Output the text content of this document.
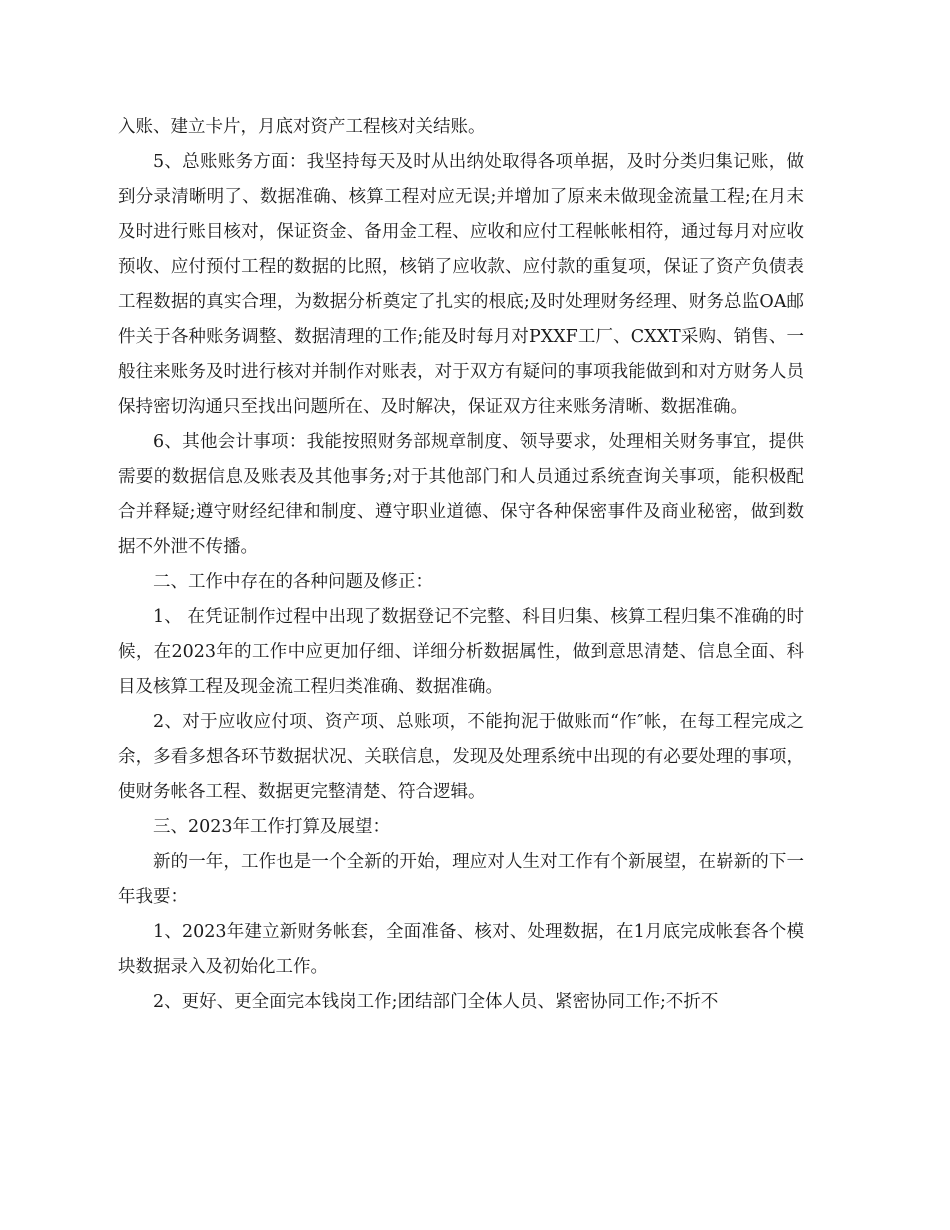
入账、建立卡片，月底对资产工程核对关结账。

5、总账账务方面：我坚持每天及时从出纳处取得各项单据，及时分类归集记账，做到分录清晰明了、数据准确、核算工程对应无误;并增加了原来未做现金流量工程;在月末及时进行账目核对，保证资金、备用金工程、应收和应付工程帐帐相符，通过每月对应收预收、应付预付工程的数据的比照，核销了应收款、应付款的重复项，保证了资产负债表工程数据的真实合理，为数据分析奠定了扎实的根底;及时处理财务经理、财务总监OA邮件关于各种账务调整、数据清理的工作;能及时每月对PXXF工厂、CXXT采购、销售、一般往来账务及时进行核对并制作对账表，对于双方有疑问的事项我能做到和对方财务人员保持密切沟通只至找出问题所在、及时解决，保证双方往来账务清晰、数据准确。

6、其他会计事项：我能按照财务部规章制度、领导要求，处理相关财务事宜，提供需要的数据信息及账表及其他事务;对于其他部门和人员通过系统查询关事项，能积极配合并释疑;遵守财经纪律和制度、遵守职业道德、保守各种保密事件及商业秘密，做到数据不外泄不传播。

二、工作中存在的各种问题及修正：

1、 在凭证制作过程中出现了数据登记不完整、科目归集、核算工程归集不准确的时候，在2023年的工作中应更加仔细、详细分析数据属性，做到意思清楚、信息全面、科目及核算工程及现金流工程归类准确、数据准确。

2、对于应收应付项、资产项、总账项，不能拘泥于做账而“作″帐，在每工程完成之余，多看多想各环节数据状况、关联信息，发现及处理系统中出现的有必要处理的事项，使财务帐各工程、数据更完整清楚、符合逻辑。

三、2023年工作打算及展望：

新的一年，工作也是一个全新的开始，理应对人生对工作有个新展望，在崭新的下一年我要：

1、2023年建立新财务帐套，全面准备、核对、处理数据，在1月底完成帐套各个模块数据录入及初始化工作。

2、更好、更全面完本钱岗工作;团结部门全体人员、紧密协同工作;不折不
